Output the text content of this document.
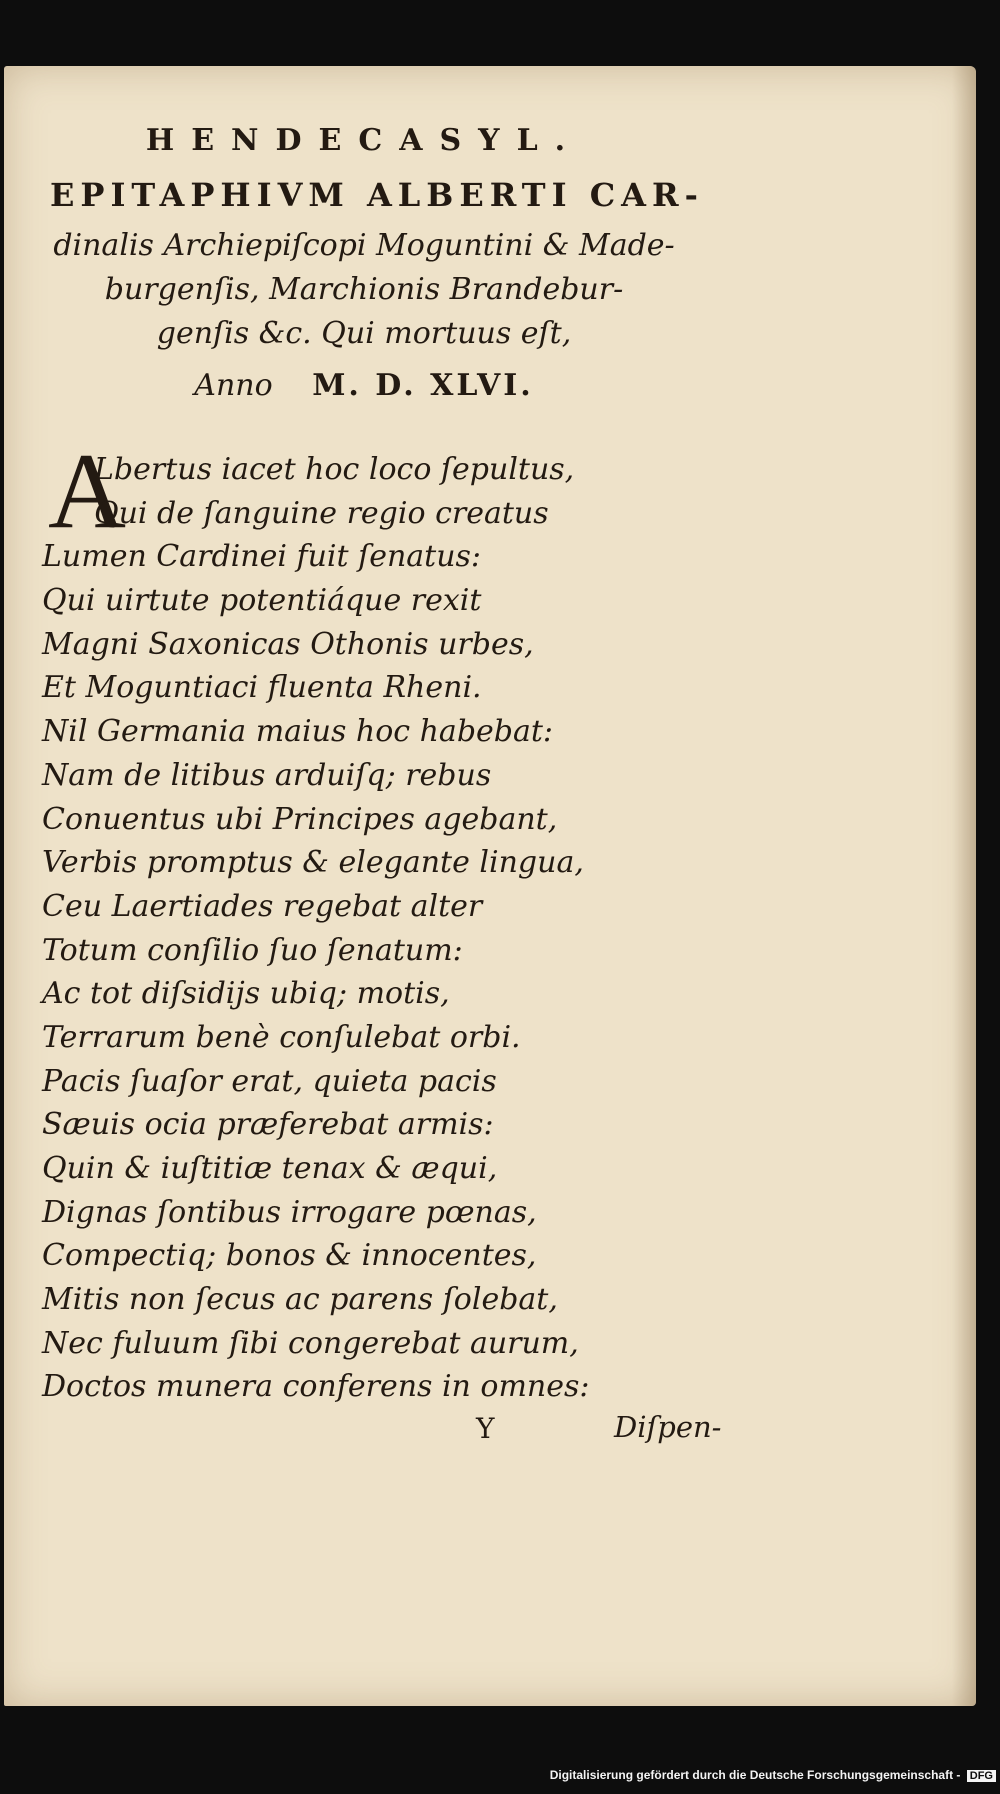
HENDECASYL.
EPITAPHIVM ALBERTI CAR-
dinalis Archiepiſcopi Moguntini & Made-
burgenſis, Marchionis Brandebur-
genſis &c. Qui mortuus eſt,
Anno M. D. XLVI.
A
Lbertus iacet hoc loco ſepultus,
Qui de ſanguine regio creatus
Lumen Cardinei fuit ſenatus:
Qui uirtute potentiáque rexit
Magni Saxonicas Othonis urbes,
Et Moguntiaci fluenta Rheni.
Nil Germania maius hoc habebat:
Nam de litibus arduiſq; rebus
Conuentus ubi Principes agebant,
Verbis promptus & elegante lingua,
Ceu Laertiades regebat alter
Totum conſilio ſuo ſenatum:
Ac tot diſsidijs ubiq; motis,
Terrarum benè conſulebat orbi.
Pacis ſuaſor erat, quieta pacis
Sæuis ocia præferebat armis:
Quin & iuſtitiæ tenax & æqui,
Dignas ſontibus irrogare pœnas,
Compectiq; bonos & innocentes,
Mitis non ſecus ac parens ſolebat,
Nec fuluum ſibi congerebat aurum,
Doctos munera conferens in omnes:
Y	Diſpen-
Digitalisierung gefördert durch die Deutsche Forschungsgemeinschaft - DFG
